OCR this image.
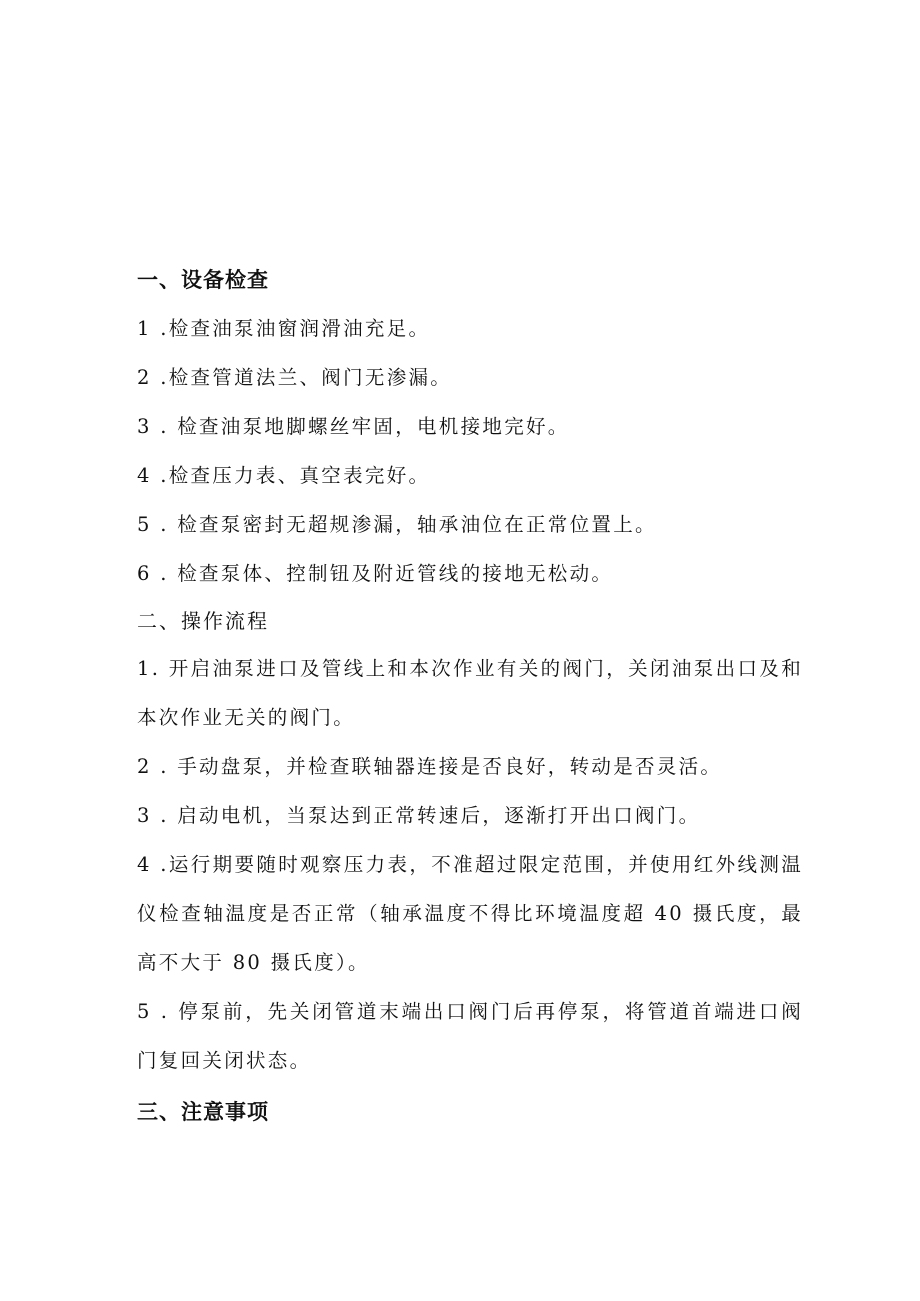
一、设备检查

1 .检查油泵油窗润滑油充足。

2 .检查管道法兰、阀门无渗漏。

3 . 检查油泵地脚螺丝牢固，电机接地完好。

4 .检查压力表、真空表完好。

5 . 检查泵密封无超规渗漏，轴承油位在正常位置上。

6 . 检查泵体、控制钮及附近管线的接地无松动。

二、操作流程

1. 开启油泵进口及管线上和本次作业有关的阀门，关闭油泵出口及和本次作业无关的阀门。

2 . 手动盘泵，并检查联轴器连接是否良好，转动是否灵活。

3 . 启动电机，当泵达到正常转速后，逐渐打开出口阀门。

4 .运行期要随时观察压力表，不准超过限定范围，并使用红外线测温仪检查轴温度是否正常（轴承温度不得比环境温度超 40 摄氏度，最高不大于 80 摄氏度）。

5 . 停泵前，先关闭管道末端出口阀门后再停泵，将管道首端进口阀门复回关闭状态。

三、注意事项
